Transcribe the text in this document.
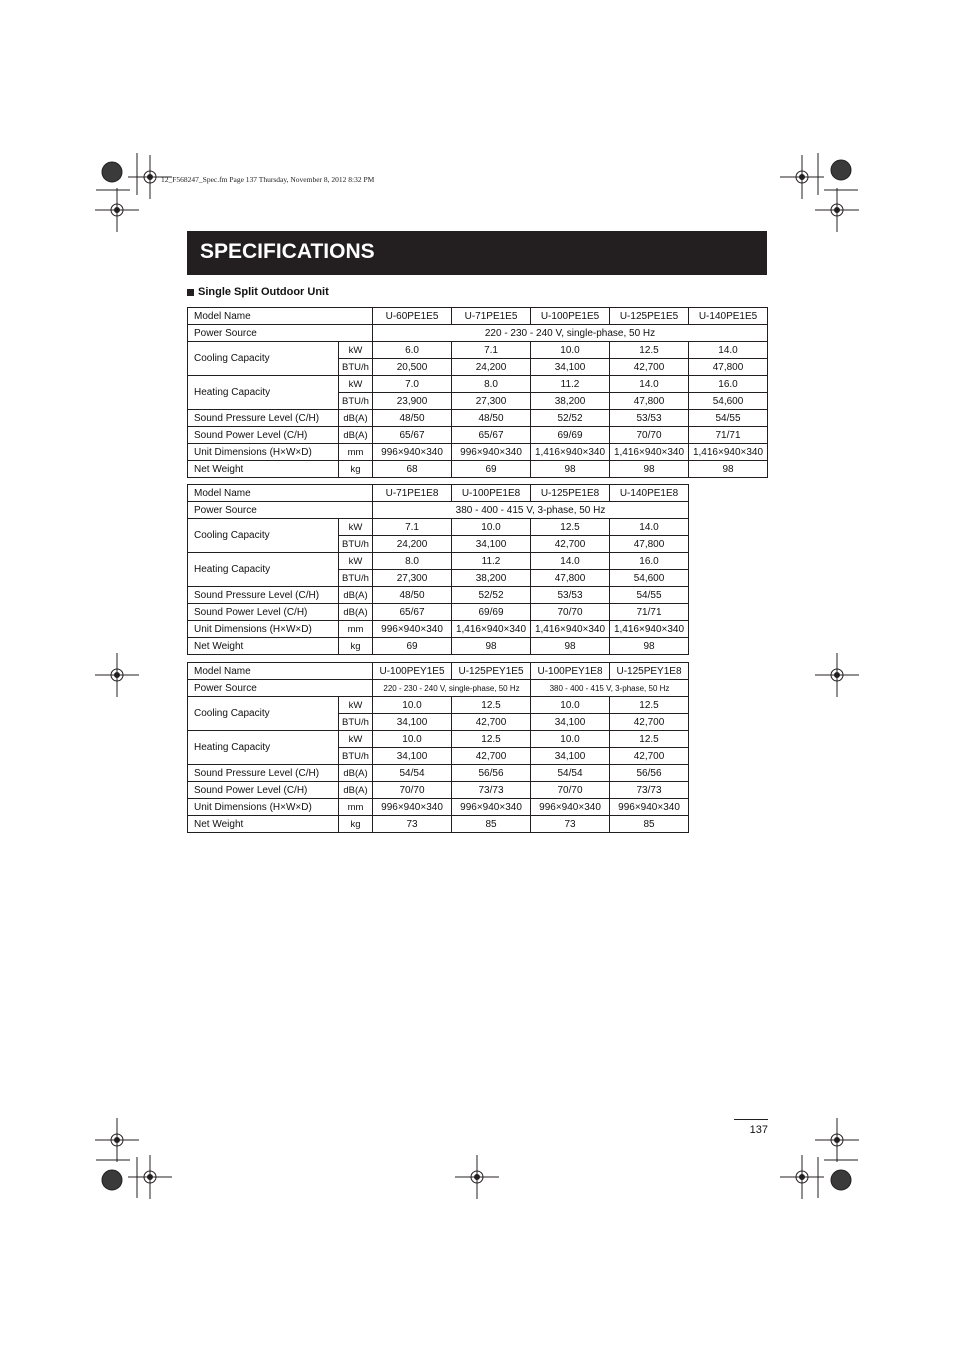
12_F568247_Spec.fm Page 137 Thursday, November 8, 2012 8:32 PM
SPECIFICATIONS
Single Split Outdoor Unit
Model Name		U-60PE1E5	U-71PE1E5	U-100PE1E5	U-125PE1E5	U-140PE1E5
Power Source		220 - 230 - 240 V, single-phase, 50 Hz				
Cooling Capacity	kW	6.0	7.1	10.0	12.5	14.0
	BTU/h	20,500	24,200	34,100	42,700	47,800
Heating Capacity	kW	7.0	8.0	11.2	14.0	16.0
	BTU/h	23,900	27,300	38,200	47,800	54,600
Sound Pressure Level (C/H)	dB(A)	48/50	48/50	52/52	53/53	54/55
Sound Power Level (C/H)	dB(A)	65/67	65/67	69/69	70/70	71/71
Unit Dimensions (H×W×D)	mm	996×940×340	996×940×340	1,416×940×340	1,416×940×340	1,416×940×340
Net Weight	kg	68	69	98	98	98
Model Name		U-71PE1E8	U-100PE1E8	U-125PE1E8	U-140PE1E8
Power Source		380 - 400 - 415 V, 3-phase, 50 Hz			
Cooling Capacity	kW	7.1	10.0	12.5	14.0
	BTU/h	24,200	34,100	42,700	47,800
Heating Capacity	kW	8.0	11.2	14.0	16.0
	BTU/h	27,300	38,200	47,800	54,600
Sound Pressure Level (C/H)	dB(A)	48/50	52/52	53/53	54/55
Sound Power Level (C/H)	dB(A)	65/67	69/69	70/70	71/71
Unit Dimensions (H×W×D)	mm	996×940×340	1,416×940×340	1,416×940×340	1,416×940×340
Net Weight	kg	69	98	98	98
Model Name		U-100PEY1E5	U-125PEY1E5	U-100PEY1E8	U-125PEY1E8
Power Source		220 - 230 - 240 V, single-phase, 50 Hz		380 - 400 - 415 V, 3-phase, 50 Hz	
Cooling Capacity	kW	10.0	12.5	10.0	12.5
	BTU/h	34,100	42,700	34,100	42,700
Heating Capacity	kW	10.0	12.5	10.0	12.5
	BTU/h	34,100	42,700	34,100	42,700
Sound Pressure Level (C/H)	dB(A)	54/54	56/56	54/54	56/56
Sound Power Level (C/H)	dB(A)	70/70	73/73	70/70	73/73
Unit Dimensions (H×W×D)	mm	996×940×340	996×940×340	996×940×340	996×940×340
Net Weight	kg	73	85	73	85
137
